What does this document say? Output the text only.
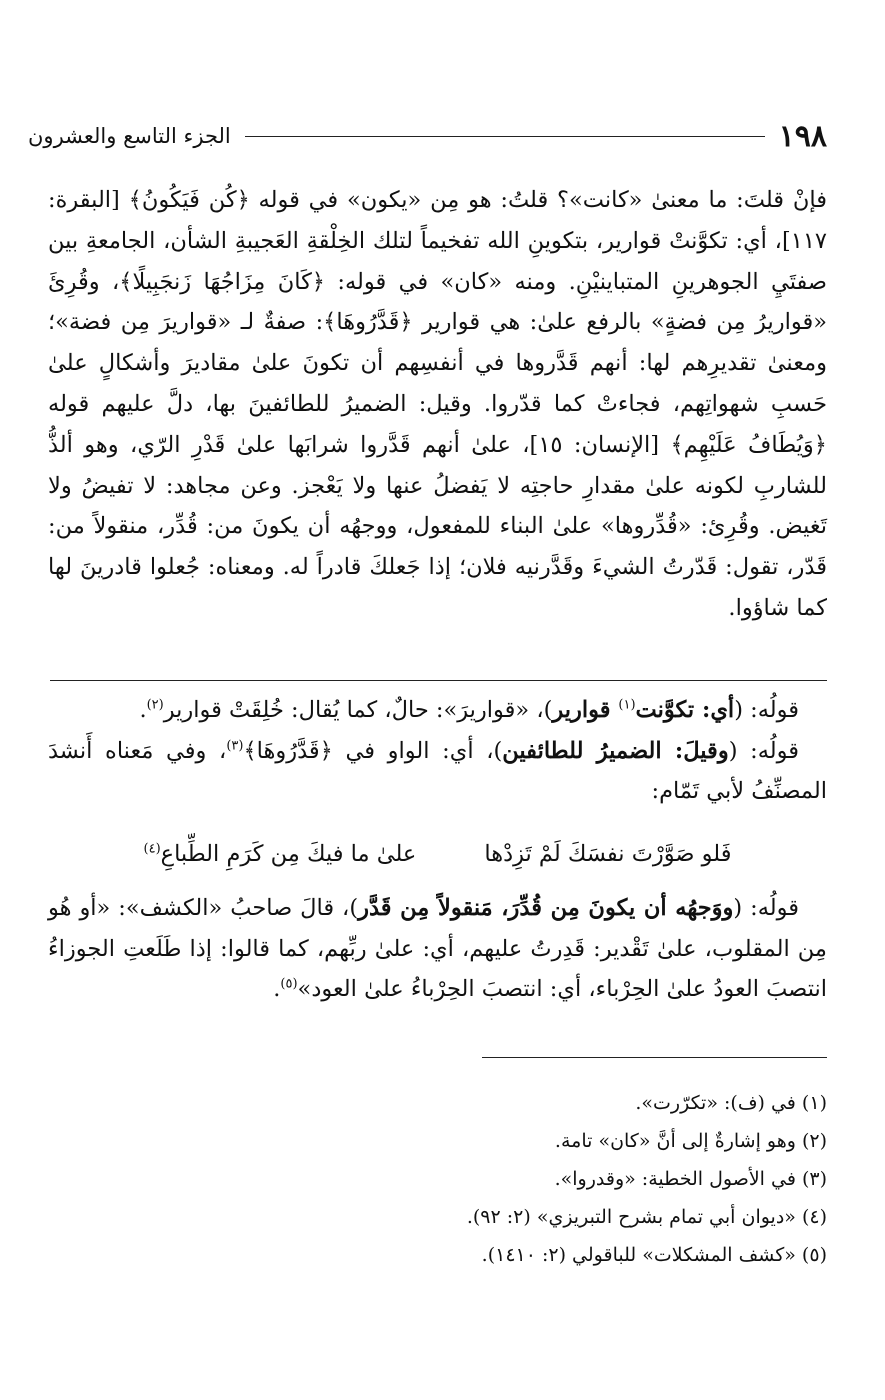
١٩٨
الجزء التاسع والعشرون

فإنْ قلتَ: ما معنىٰ «كانت»؟ قلتُ: هو مِن «يكون» في قوله ﴿كُن فَيَكُونُ﴾ [البقرة: ١١٧]، أي: تكوَّنتْ قوارير، بتكوينِ الله تفخيماً لتلك الخِلْقةِ العَجيبةِ الشأن، الجامعةِ بين صفتَيِ الجوهرينِ المتباينيْنِ. ومنه «كان» في قوله: ﴿كَانَ مِزَاجُهَا زَنجَبِيلًا﴾، وقُرِئَ «قواريرُ مِن فضةٍ» بالرفع علىٰ: هي قوارير ﴿قَدَّرُوهَا﴾: صفةٌ لـ «قواريرَ مِن فضة»؛ ومعنىٰ تقديرِهم لها: أنهم قَدَّروها في أنفسِهم أن تكونَ علىٰ مقاديرَ وأشكالٍ علىٰ حَسبِ شهواتِهم، فجاءتْ كما قدّروا. وقيل: الضميرُ للطائفينَ بها، دلَّ عليهم قوله ﴿وَيُطَافُ عَلَيْهِم﴾ [الإنسان: ١٥]، علىٰ أنهم قَدَّروا شرابَها علىٰ قَدْرِ الرّي، وهو ألذُّ للشاربِ لكونه علىٰ مقدارِ حاجتِه لا يَفضلُ عنها ولا يَعْجز. وعن مجاهد: لا تفيضُ ولا تَغيض. وقُرِئ: «قُدِّروها» علىٰ البناء للمفعول، ووجهُه أن يكونَ من: قُدِّر، منقولاً من: قَدّر، تقول: قَدّرتُ الشيءَ وقَدَّرنيه فلان؛ إذا جَعلكَ قادراً له. ومعناه: جُعلوا قادرينَ لها كما شاؤوا.

قولُه: (أي: تكوَّنت$^{(١)}$ قوارير)، «قواريرَ»: حالٌ، كما يُقال: خُلِقَتْ قوارير$^{(٢)}$.

قولُه: (وقيلَ: الضميرُ للطائفين)، أي: الواو في ﴿قَدَّرُوهَا﴾$^{(٣)}$، وفي مَعناه أَنشدَ المصنِّفُ لأبي تَمّام:

فَلو صَوَّرْتَ نفسَكَ لَمْ تَزِدْها
علىٰ ما فيكَ مِن كَرَمِ الطِّباعِ$^{(٤)}$

قولُه: (ووَجهُه أن يكونَ مِن قُدِّرَ، مَنقولاً مِن قَدَّر)، قالَ صاحبُ «الكشف»: «أو هُو مِن المقلوب، علىٰ تَقْدير: قَدِرتُ عليهم، أي: علىٰ ربِّهم، كما قالوا: إذا طَلَعتِ الجوزاءُ انتصبَ العودُ علىٰ الحِرْباء، أي: انتصبَ الحِرْباءُ علىٰ العود»$^{(٥)}$.

(١) في (ف): «تكرّرت».

(٢) وهو إشارةٌ إلى أنَّ «كان» تامة.

(٣) في الأصول الخطية: «وقدروا».

(٤) «ديوان أبي تمام بشرح التبريزي» (٢: ٩٢).

(٥) «كشف المشكلات» للباقولي (٢: ١٤١٠).
